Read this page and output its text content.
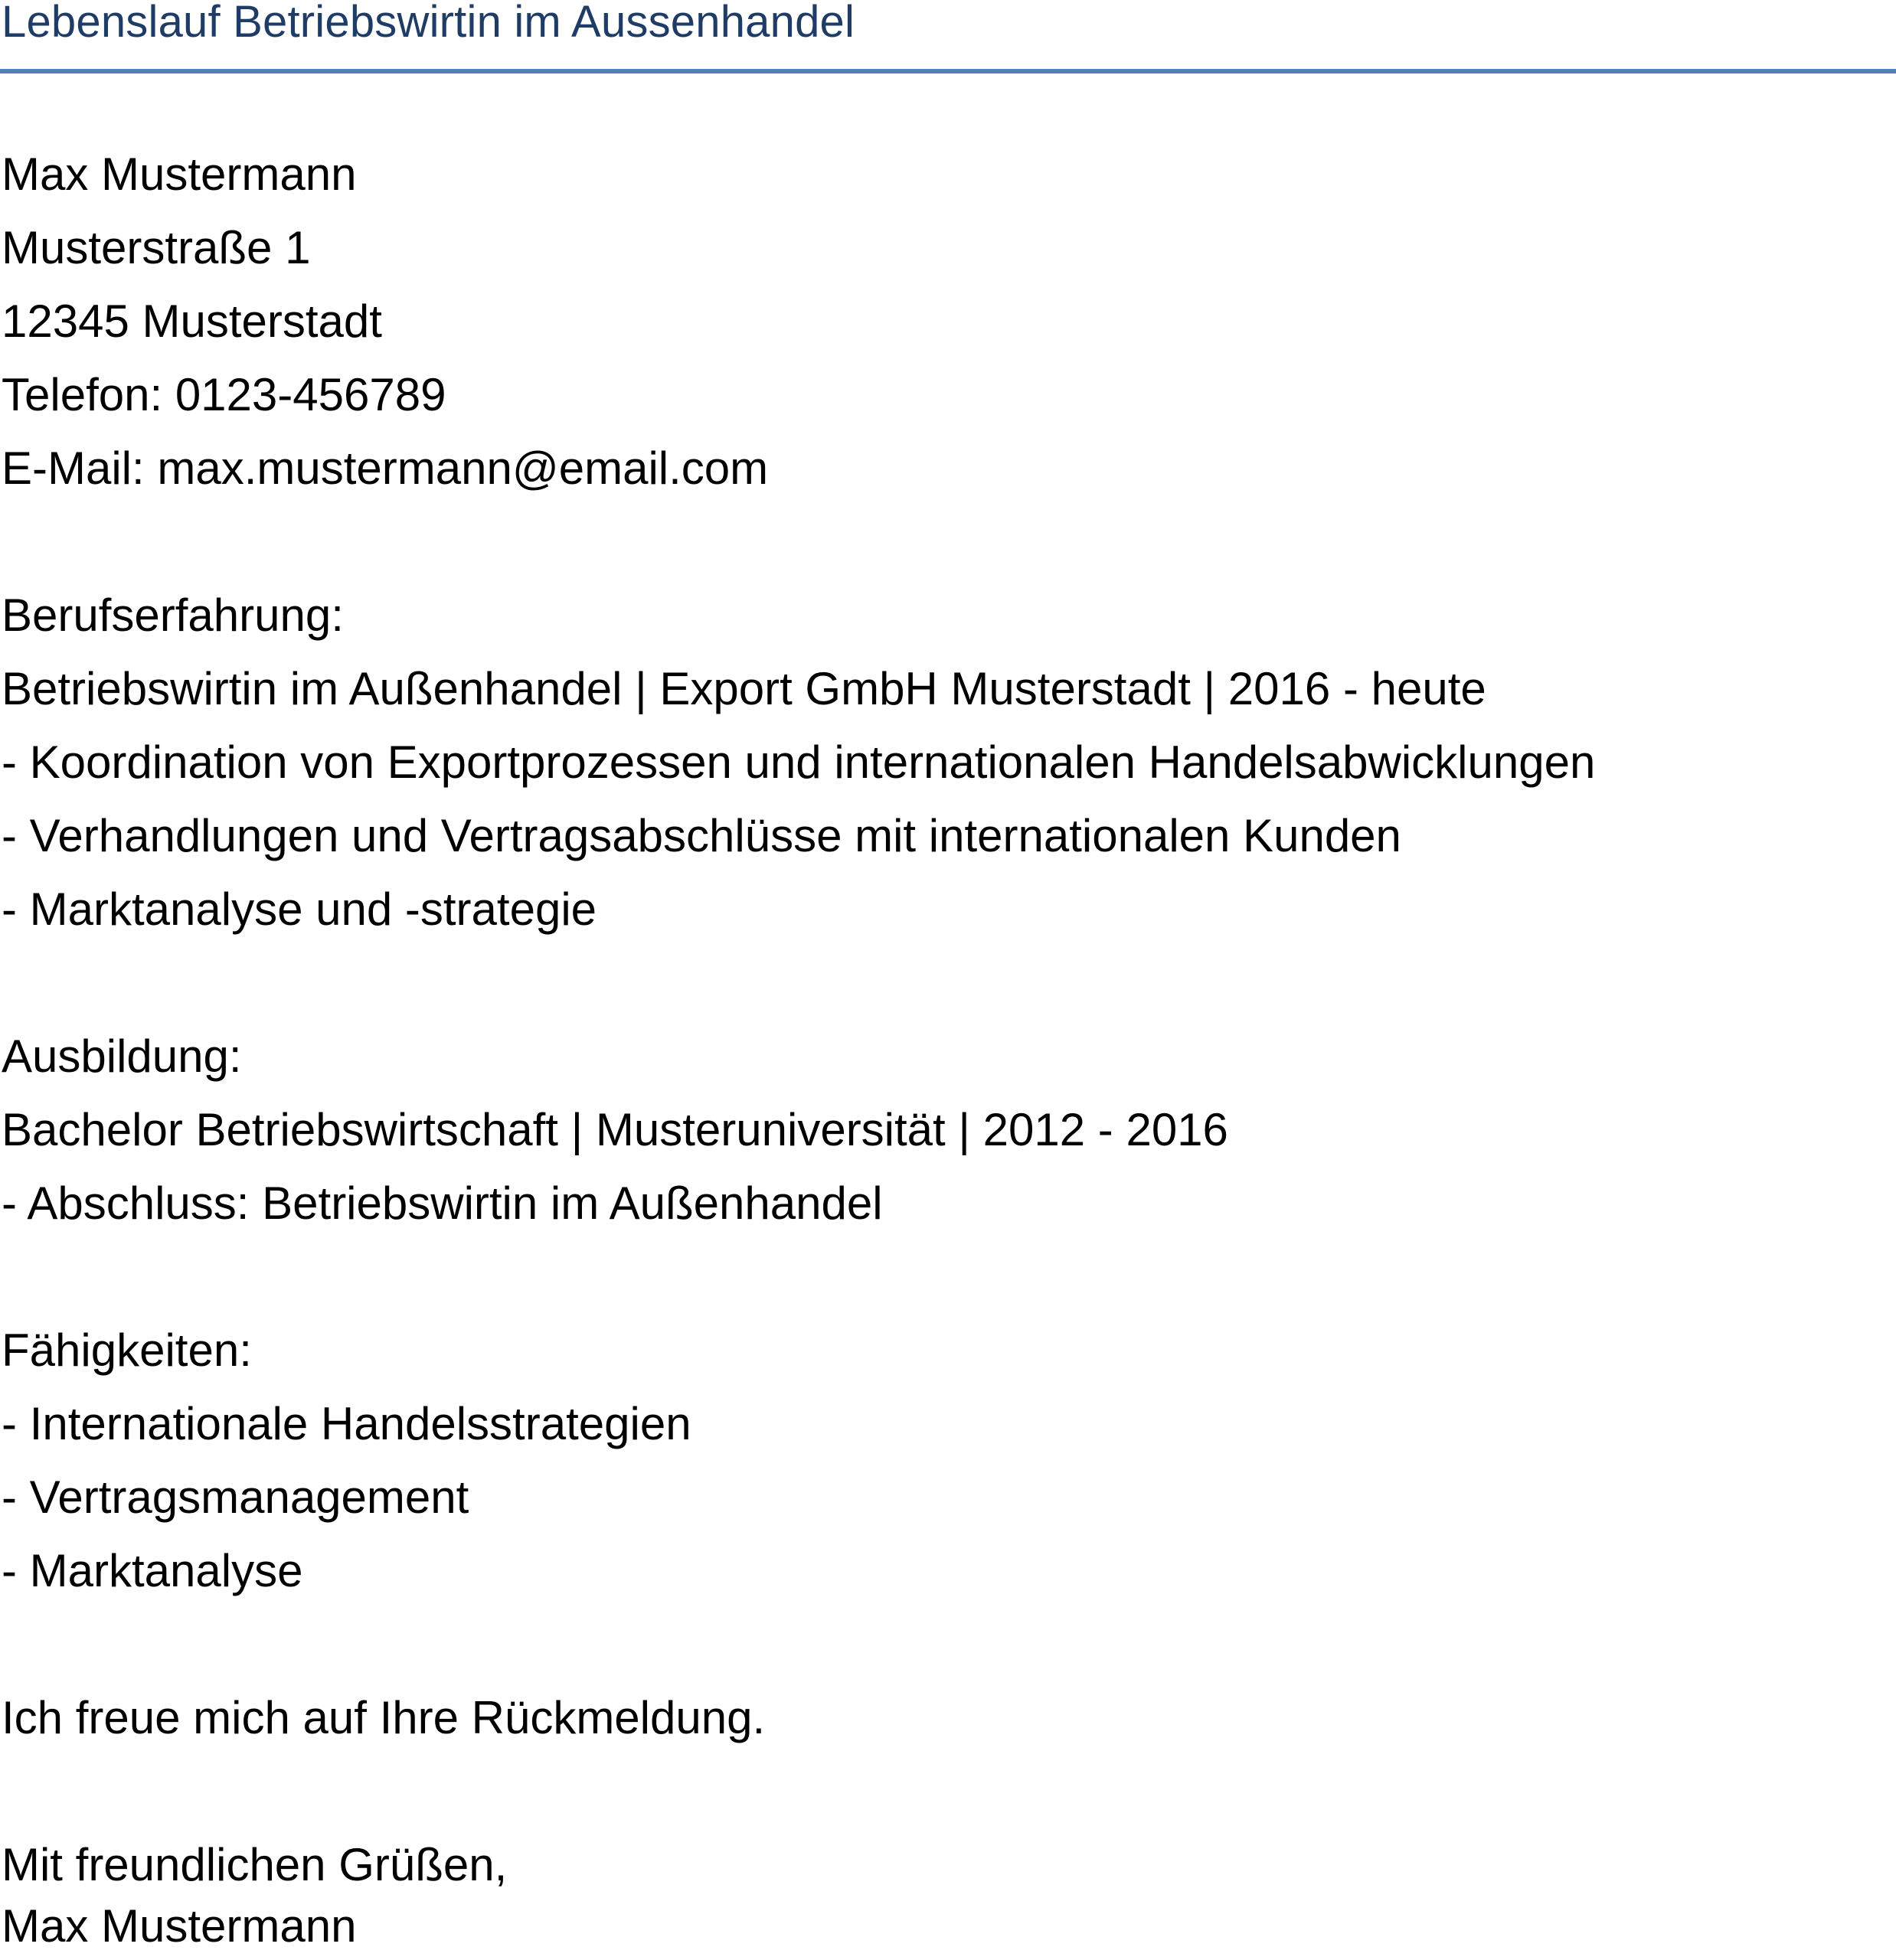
Lebenslauf Betriebswirtin im Aussenhandel
Max Mustermann
Musterstraße 1
12345 Musterstadt
Telefon: 0123-456789
E-Mail: max.mustermann@email.com
Berufserfahrung:
Betriebswirtin im Außenhandel | Export GmbH Musterstadt | 2016 - heute
- Koordination von Exportprozessen und internationalen Handelsabwicklungen
- Verhandlungen und Vertragsabschlüsse mit internationalen Kunden
- Marktanalyse und -strategie
Ausbildung:
Bachelor Betriebswirtschaft | Musteruniversität | 2012 - 2016
- Abschluss: Betriebswirtin im Außenhandel
Fähigkeiten:
- Internationale Handelsstrategien
- Vertragsmanagement
- Marktanalyse
Ich freue mich auf Ihre Rückmeldung.
Mit freundlichen Grüßen,
Max Mustermann
